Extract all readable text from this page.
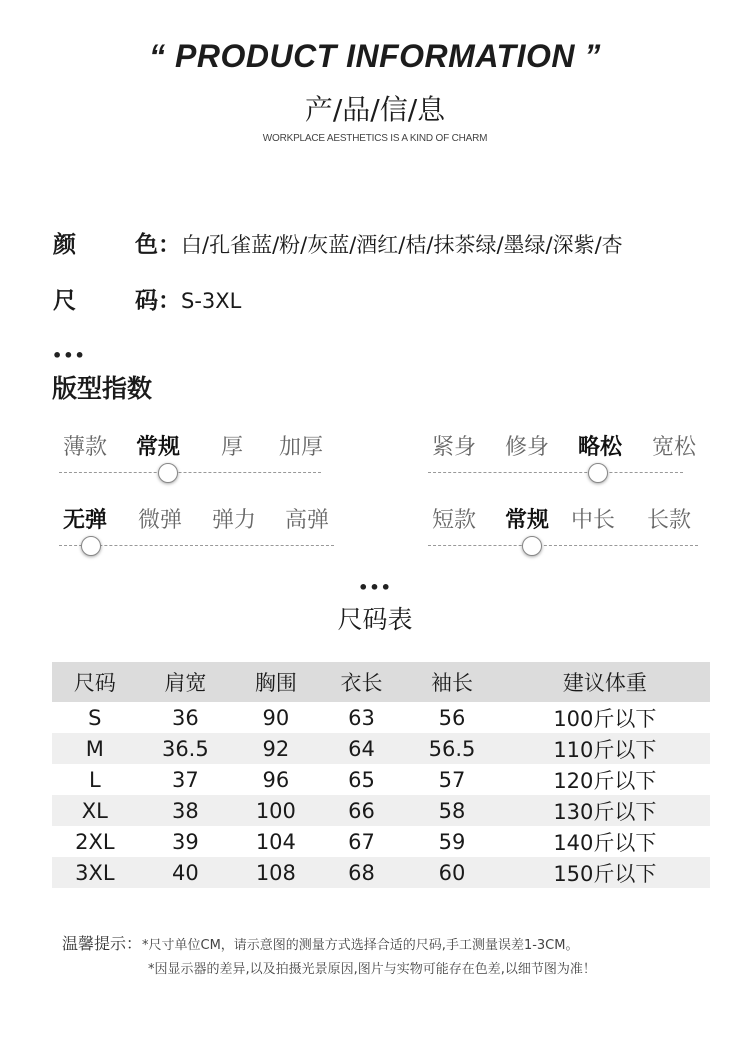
“ PRODUCT INFORMATION ”
产/品/信/息
WORKPLACE AESTHETICS IS A KIND OF CHARM
颜	色：白/孔雀蓝/粉/灰蓝/酒红/桔/抹茶绿/墨绿/深紫/杏
尺	码：S-3XL
•••
版型指数
薄款 常规 厚 加厚	紧身 修身 略松 宽松
无弹 微弹 弹力 高弹	短款 常规 中长 长款
•••
尺码表
尺码	肩宽	胸围	衣长	袖长	建议体重
S	36	90	63	56	100斤以下
M	36.5	92	64	56.5	110斤以下
L	37	96	65	57	120斤以下
XL	38	100	66	58	130斤以下
2XL	39	104	67	59	140斤以下
3XL	40	108	68	60	150斤以下
温馨提示：*尺寸单位CM，请示意图的测量方式选择合适的尺码,手工测量误差1-3CM。
*因显示器的差异,以及拍摄光景原因,图片与实物可能存在色差,以细节图为准！
